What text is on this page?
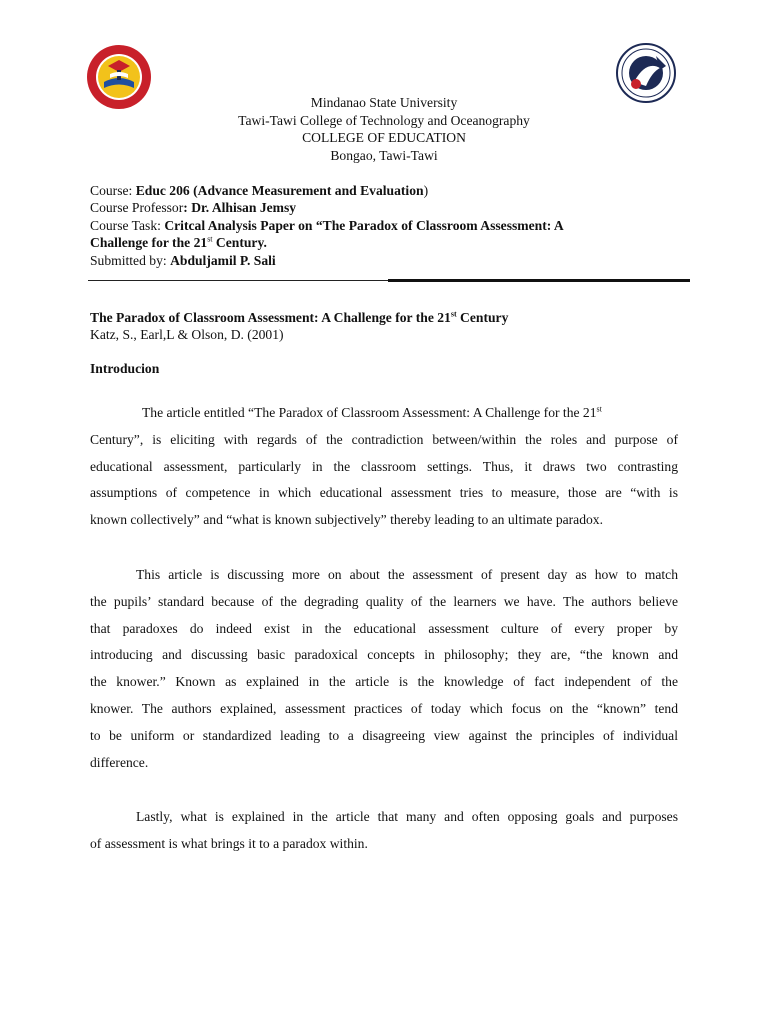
Mindanao State University
Tawi-Tawi College of Technology and Oceanography
COLLEGE OF EDUCATION
Bongao, Tawi-Tawi
Course: Educ 206 (Advance Measurement and Evaluation)
Course Professor: Dr. Alhisan Jemsy
Course Task: Critcal Analysis Paper on “The Paradox of Classroom Assessment: A
Challenge for the 21st Century.
Submitted by: Abduljamil P. Sali
The Paradox of Classroom Assessment: A Challenge for the 21st Century
Katz, S., Earl,L & Olson, D. (2001)
Introducion
The article entitled “The Paradox of Classroom Assessment: A Challenge for the 21st
Century”, is eliciting with regards of the contradiction between/within the roles and purpose of
educational assessment, particularly in the classroom settings. Thus, it draws two contrasting
assumptions of competence in which educational assessment tries to measure, those are “with is
known collectively” and “what is known subjectively” thereby leading to an ultimate paradox.
This article is discussing more on about the assessment of present day as how to match
the pupils’ standard because of the degrading quality of the learners we have. The authors believe
that paradoxes do indeed exist in the educational assessment culture of every proper by
introducing and discussing basic paradoxical concepts in philosophy; they are, “the known and
the knower.” Known as explained in the article is the knowledge of fact independent of the
knower. The authors explained, assessment practices of today which focus on the “known” tend
to be uniform or standardized leading to a disagreeing view against the principles of individual
difference.
Lastly, what is explained in the article that many and often opposing goals and purposes
of assessment is what brings it to a paradox within.
